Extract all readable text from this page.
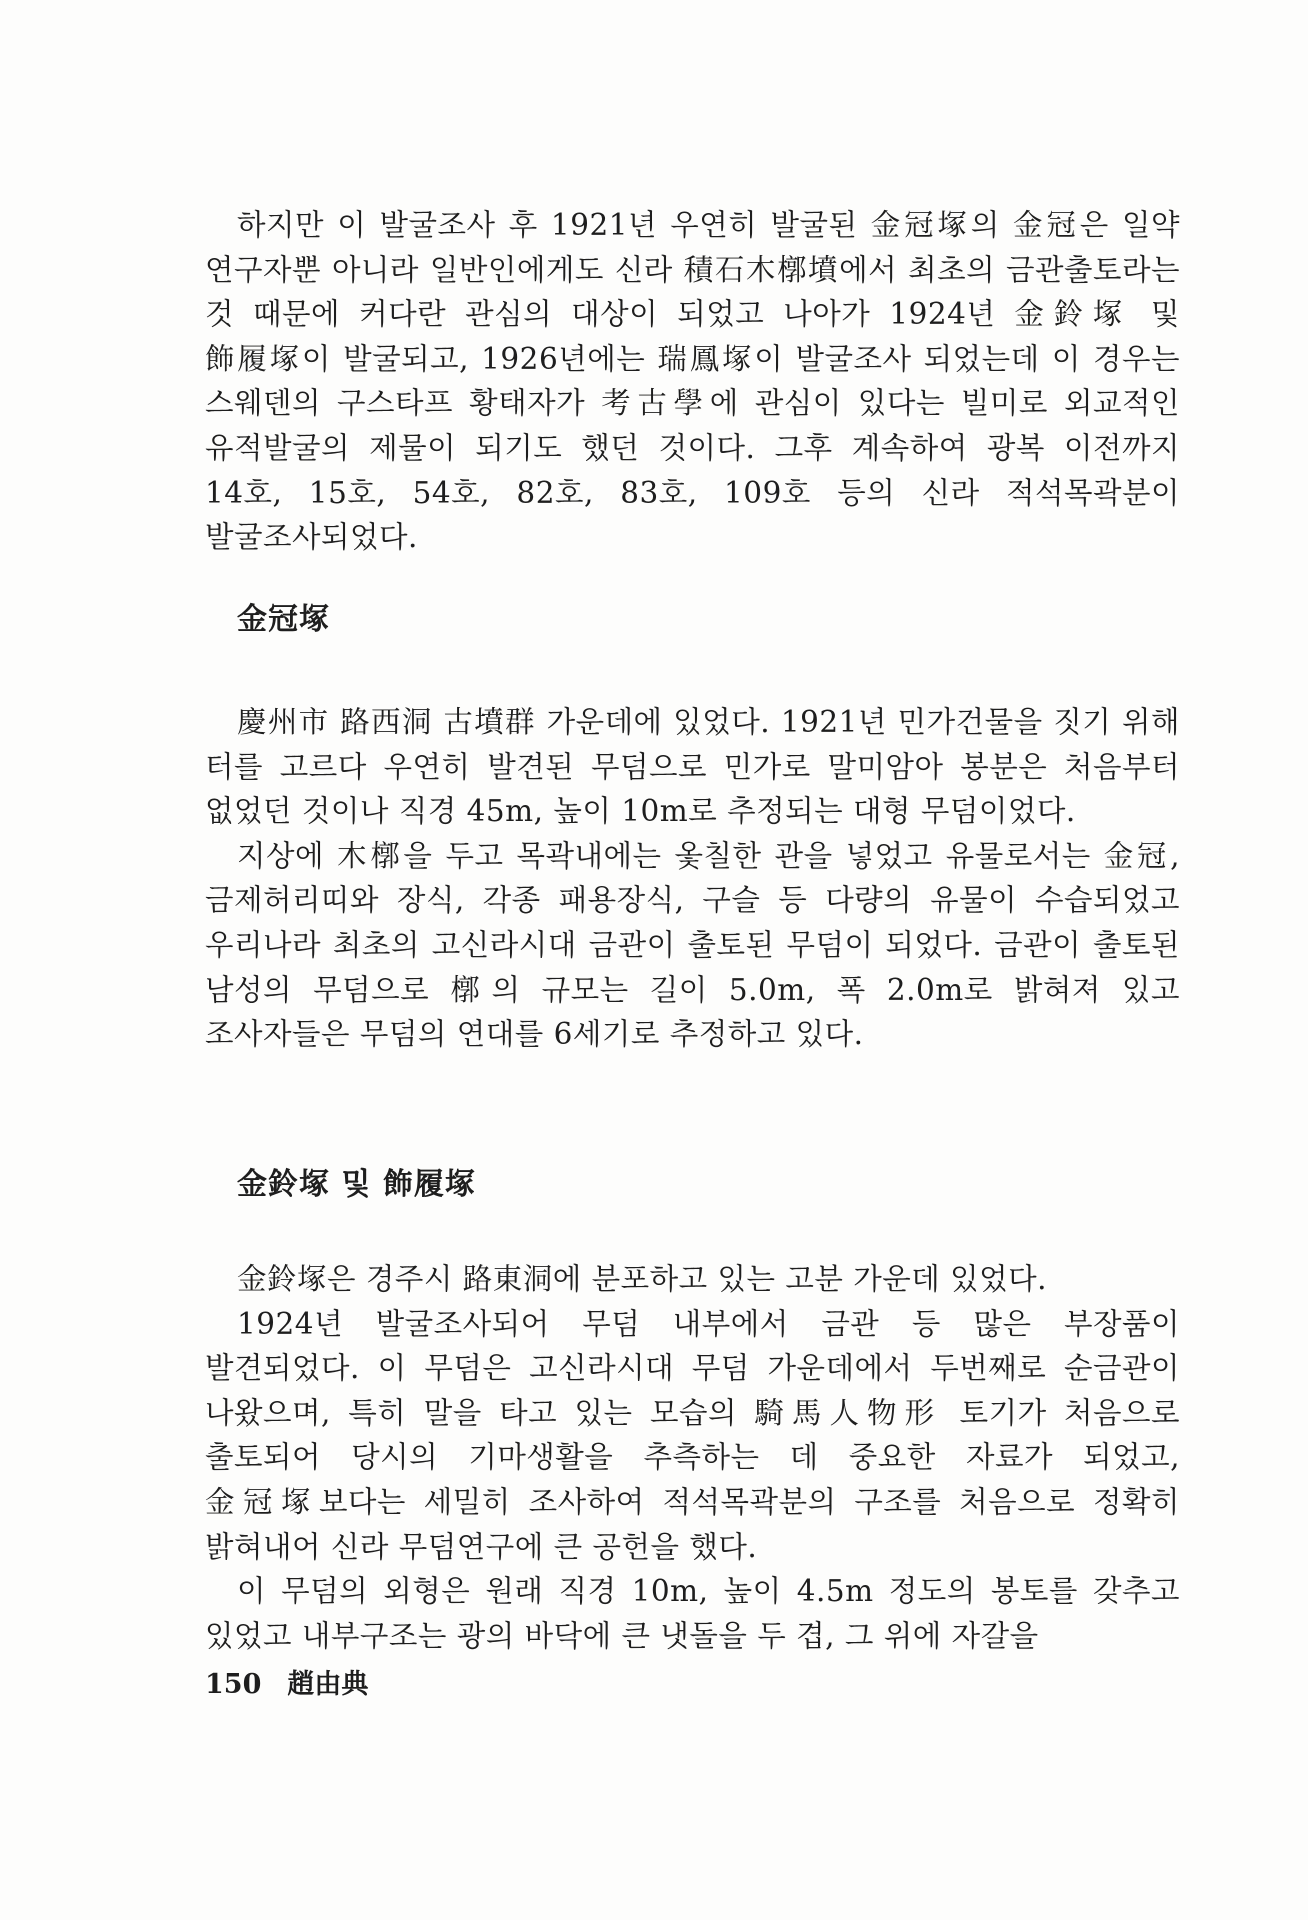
하지만 이 발굴조사 후 1921년 우연히 발굴된 金冠塚의 金冠은 일약 연구자뿐 아니라 일반인에게도 신라 積石木槨墳에서 최초의 금관출토라는 것 때문에 커다란 관심의 대상이 되었고 나아가 1924년 金鈴塚 및 飾履塚이 발굴되고, 1926년에는 瑞鳳塚이 발굴조사 되었는데 이 경우는 스웨덴의 구스타프 황태자가 考古學에 관심이 있다는 빌미로 외교적인 유적발굴의 제물이 되기도 했던 것이다. 그후 계속하여 광복 이전까지 14호, 15호, 54호, 82호, 83호, 109호 등의 신라 적석목곽분이 발굴조사되었다.

金冠塚

慶州市 路西洞 古墳群 가운데에 있었다. 1921년 민가건물을 짓기 위해 터를 고르다 우연히 발견된 무덤으로 민가로 말미암아 봉분은 처음부터 없었던 것이나 직경 45m, 높이 10m로 추정되는 대형 무덤이었다.

지상에 木槨을 두고 목곽내에는 옻칠한 관을 넣었고 유물로서는 金冠, 금제허리띠와 장식, 각종 패용장식, 구슬 등 다량의 유물이 수습되었고 우리나라 최초의 고신라시대 금관이 출토된 무덤이 되었다. 금관이 출토된 남성의 무덤으로 槨의 규모는 길이 5.0m, 폭 2.0m로 밝혀져 있고 조사자들은 무덤의 연대를 6세기로 추정하고 있다.

金鈴塚 및 飾履塚

金鈴塚은 경주시 路東洞에 분포하고 있는 고분 가운데 있었다.

1924년 발굴조사되어 무덤 내부에서 금관 등 많은 부장품이 발견되었다. 이 무덤은 고신라시대 무덤 가운데에서 두번째로 순금관이 나왔으며, 특히 말을 타고 있는 모습의 騎馬人物形 토기가 처음으로 출토되어 당시의 기마생활을 추측하는 데 중요한 자료가 되었고, 金冠塚보다는 세밀히 조사하여 적석목곽분의 구조를 처음으로 정확히 밝혀내어 신라 무덤연구에 큰 공헌을 했다.

이 무덤의 외형은 원래 직경 10m, 높이 4.5m 정도의 봉토를 갖추고 있었고 내부구조는 광의 바닥에 큰 냇돌을 두 겹, 그 위에 자갈을

150 趙由典
